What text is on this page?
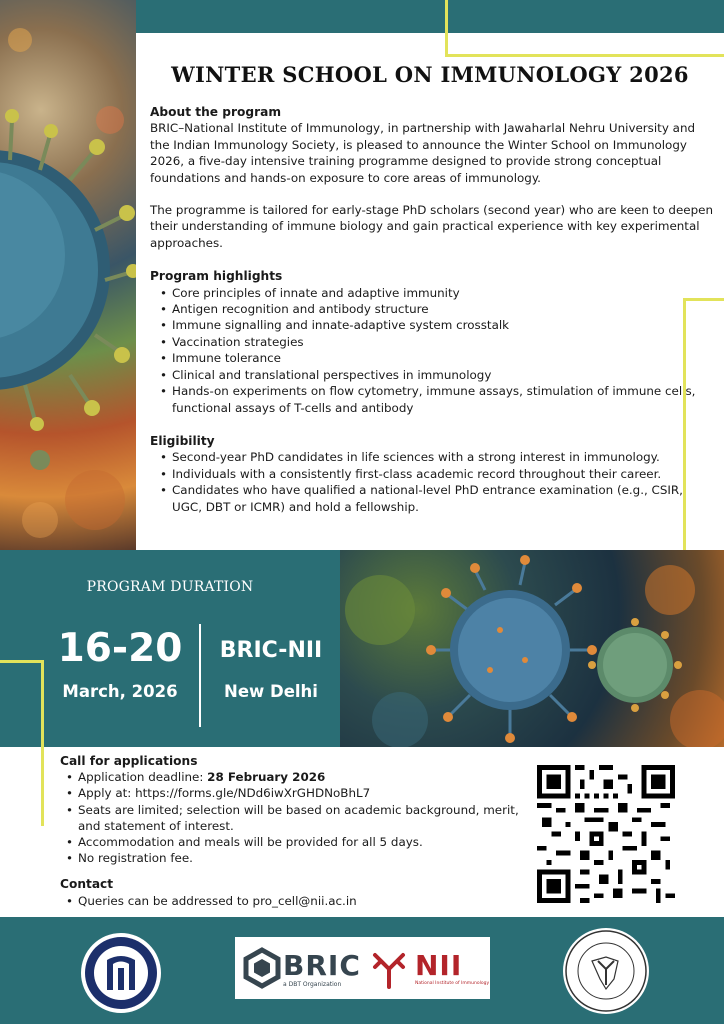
WINTER SCHOOL ON IMMUNOLOGY 2026
About the program

BRIC–National Institute of Immunology, in partnership with Jawaharlal Nehru University and the Indian Immunology Society, is pleased to announce the Winter School on Immunology 2026, a five-day intensive training programme designed to provide strong conceptual foundations and hands-on exposure to core areas of immunology.

The programme is tailored for early-stage PhD scholars (second year) who are keen to deepen their understanding of immune biology and gain practical experience with key experimental approaches.

Program highlights
• Core principles of innate and adaptive immunity
• Antigen recognition and antibody structure
• Immune signalling and innate-adaptive system crosstalk
• Vaccination strategies
• Immune tolerance
• Clinical and translational perspectives in immunology
• Hands-on experiments on flow cytometry, immune assays, stimulation of immune cells, functional assays of T-cells and antibody
Eligibility
• Second-year PhD candidates in life sciences with a strong interest in immunology.
• Individuals with a consistently first-class academic record throughout their career.
• Candidates who have qualified a national-level PhD entrance examination (e.g., CSIR, UGC, DBT or ICMR) and hold a fellowship.
PROGRAM DURATION
16-20
March, 2026
BRIC-NII
New Delhi
Call for applications
• Application deadline: 28 February 2026
• Apply at: https://forms.gle/NDd6iwXrGHDNoBhL7
• Seats are limited; selection will be based on academic background, merit, and statement of interest.
• Accommodation and meals will be provided for all 5 days.
• No registration fee.
Contact
• Queries can be addressed to pro_cell@nii.ac.in
BRIC
a DBT Organization
NII
National Institute of Immunology
